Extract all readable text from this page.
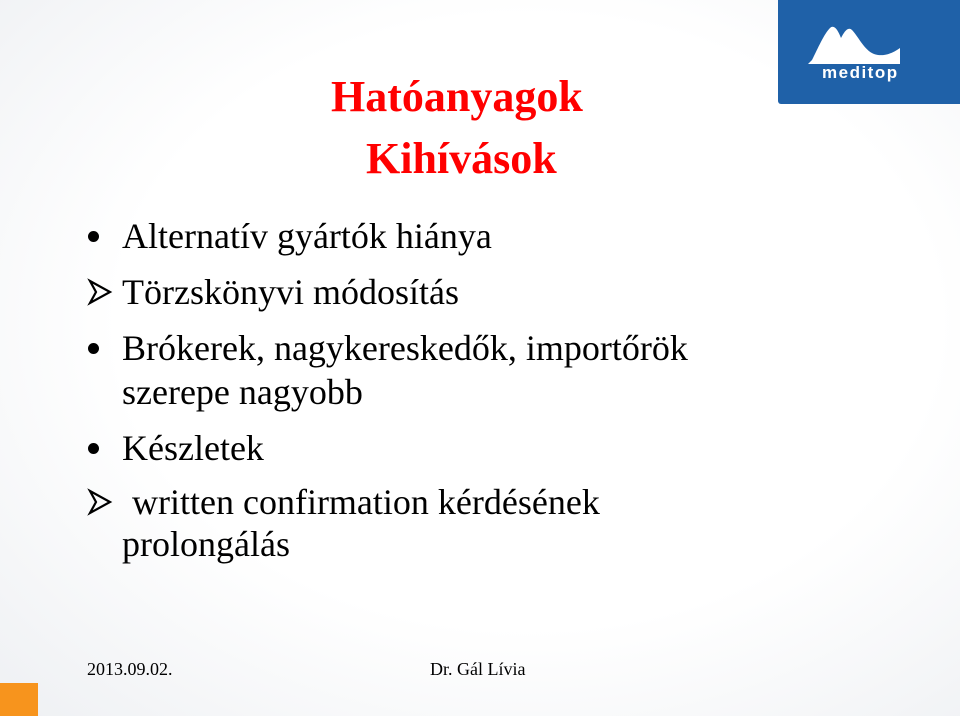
meditop
Hatóanyagok
Kihívások
Alternatív gyártók hiánya
Törzskönyvi módosítás
Brókerek, nagykereskedők, importőrök
szerepe nagyobb
Készletek
written confirmation kérdésének
prolongálás
2013.09.02.	Dr. Gál Lívia
